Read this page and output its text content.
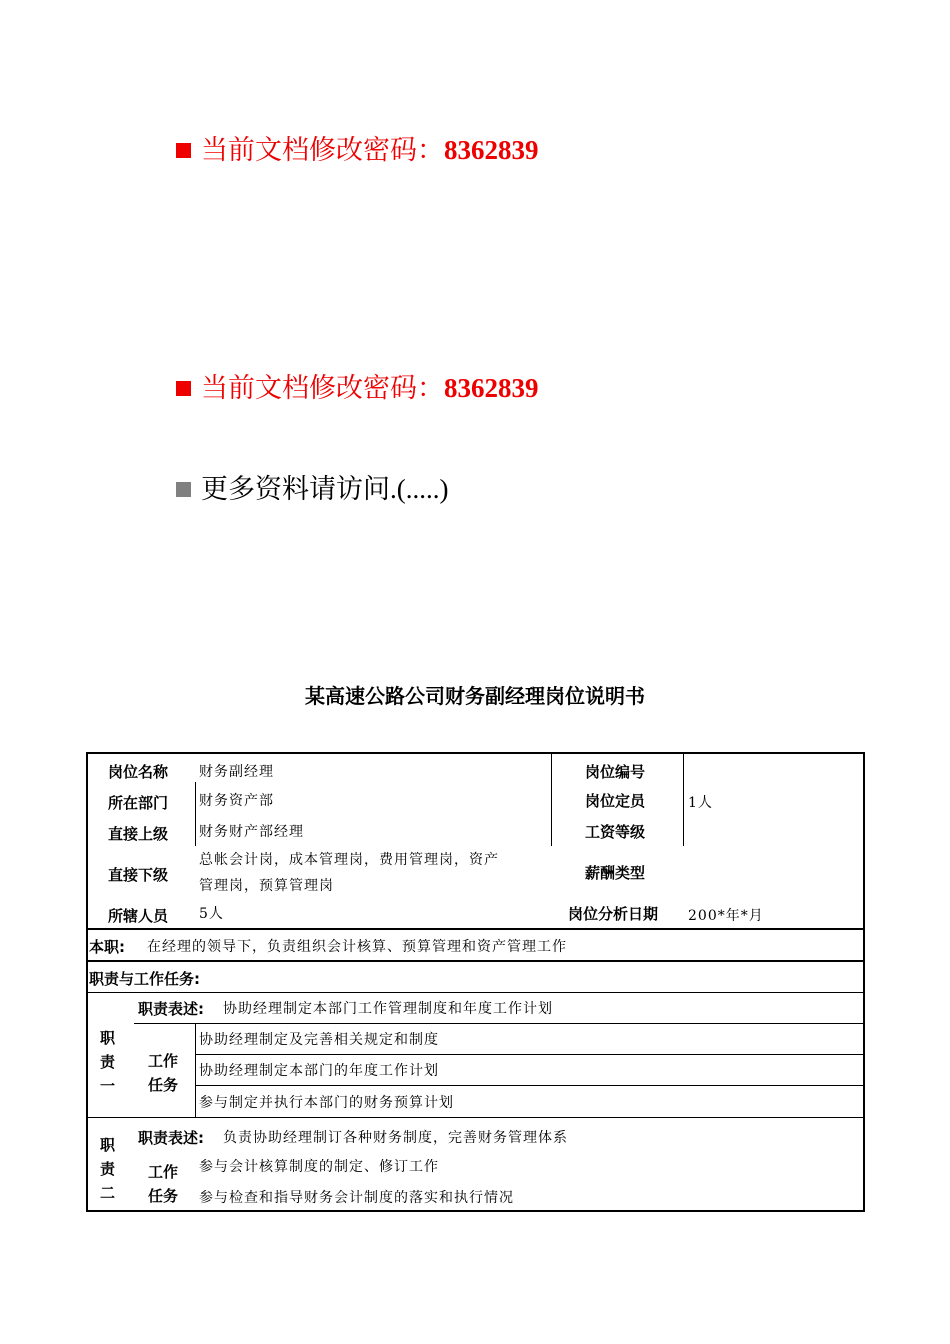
当前文档修改密码： 8362839
当前文档修改密码： 8362839
更多资料请访问.(.....)
某高速公路公司财务副经理岗位说明书
岗位名称 财务副经理
所在部门 财务资产部
直接上级 财务财产部经理
直接下级
总帐会计岗，成本管理岗，费用管理岗，资产
管理岗，预算管理岗
所辖人员 5人
岗位编号
岗位定员	1人
工资等级
薪酬类型
岗位分析日期 200*年*月
本职: 在经理的领导下，负责组织会计核算、预算管理和资产管理工作
职责与工作任务:
职
责
一
职责表述: 协助经理制定本部门工作管理制度和年度工作计划
工作
任务
协助经理制定及完善相关规定和制度
协助经理制定本部门的年度工作计划
参与制定并执行本部门的财务预算计划
职
责
二
职责表述: 负责协助经理制订各种财务制度，完善财务管理体系
工作
任务
参与会计核算制度的制定、修订工作
参与检查和指导财务会计制度的落实和执行情况
